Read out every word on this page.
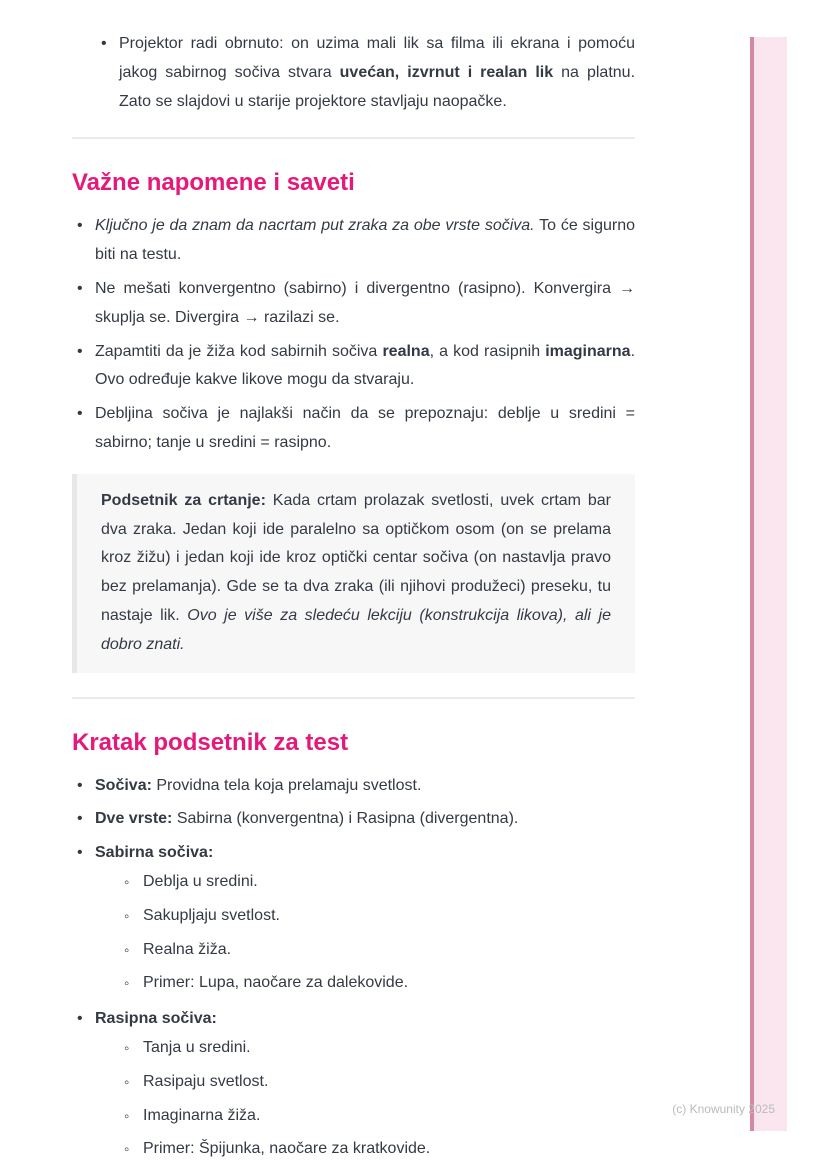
• Projektor radi obrnuto: on uzima mali lik sa filma ili ekrana i pomoću jakog sabirnog sočiva stvara uvećan, izvrnut i realan lik na platnu. Zato se slajdovi u starije projektore stavljaju naopačke.
Važne napomene i saveti
• Ključno je da znam da nacrtam put zraka za obe vrste sočiva. To će sigurno biti na testu.
• Ne mešati konvergentno (sabirno) i divergentno (rasipno). Konvergira → skuplja se. Divergira → razilazi se.
• Zapamtiti da je žiža kod sabirnih sočiva realna, a kod rasipnih imaginarna. Ovo određuje kakve likove mogu da stvaraju.
• Debljina sočiva je najlakši način da se prepoznaju: deblje u sredini = sabirno; tanje u sredini = rasipno.

Podsetnik za crtanje: Kada crtam prolazak svetlosti, uvek crtam bar dva zraka. Jedan koji ide paralelno sa optičkom osom (on se prelama kroz žižu) i jedan koji ide kroz optički centar sočiva (on nastavlja pravo bez prelamanja). Gde se ta dva zraka (ili njihovi produžeci) preseku, tu nastaje lik. Ovo je više za sledeću lekciju (konstrukcija likova), ali je dobro znati.

Kratak podsetnik za test
• Sočiva: Providna tela koja prelamaju svetlost.
• Dve vrste: Sabirna (konvergentna) i Rasipna (divergentna).
• Sabirna sočiva:
◦ Deblja u sredini.
◦ Sakupljaju svetlost.
◦ Realna žiža.
◦ Primer: Lupa, naočare za dalekovide.
• Rasipna sočiva:
◦ Tanja u sredini.
◦ Rasipaju svetlost.
◦ Imaginarna žiža.
◦ Primer: Špijunka, naočare za kratkovide.
(c) Knowunity 2025
